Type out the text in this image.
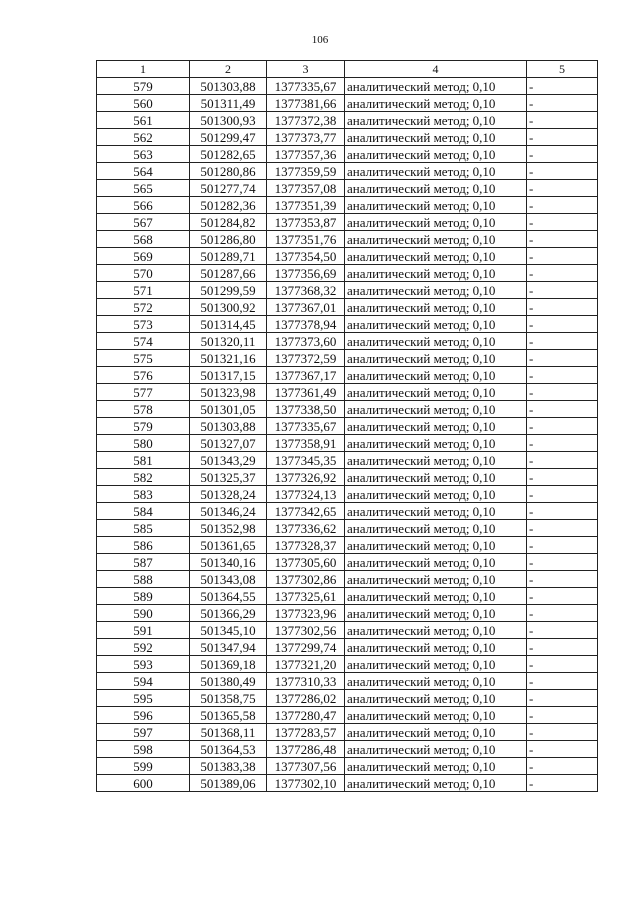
106
1	2	3	4	5
579	501303,88	1377335,67	аналитический метод; 0,10	-
560	501311,49	1377381,66	аналитический метод; 0,10	-
561	501300,93	1377372,38	аналитический метод; 0,10	-
562	501299,47	1377373,77	аналитический метод; 0,10	-
563	501282,65	1377357,36	аналитический метод; 0,10	-
564	501280,86	1377359,59	аналитический метод; 0,10	-
565	501277,74	1377357,08	аналитический метод; 0,10	-
566	501282,36	1377351,39	аналитический метод; 0,10	-
567	501284,82	1377353,87	аналитический метод; 0,10	-
568	501286,80	1377351,76	аналитический метод; 0,10	-
569	501289,71	1377354,50	аналитический метод; 0,10	-
570	501287,66	1377356,69	аналитический метод; 0,10	-
571	501299,59	1377368,32	аналитический метод; 0,10	-
572	501300,92	1377367,01	аналитический метод; 0,10	-
573	501314,45	1377378,94	аналитический метод; 0,10	-
574	501320,11	1377373,60	аналитический метод; 0,10	-
575	501321,16	1377372,59	аналитический метод; 0,10	-
576	501317,15	1377367,17	аналитический метод; 0,10	-
577	501323,98	1377361,49	аналитический метод; 0,10	-
578	501301,05	1377338,50	аналитический метод; 0,10	-
579	501303,88	1377335,67	аналитический метод; 0,10	-
580	501327,07	1377358,91	аналитический метод; 0,10	-
581	501343,29	1377345,35	аналитический метод; 0,10	-
582	501325,37	1377326,92	аналитический метод; 0,10	-
583	501328,24	1377324,13	аналитический метод; 0,10	-
584	501346,24	1377342,65	аналитический метод; 0,10	-
585	501352,98	1377336,62	аналитический метод; 0,10	-
586	501361,65	1377328,37	аналитический метод; 0,10	-
587	501340,16	1377305,60	аналитический метод; 0,10	-
588	501343,08	1377302,86	аналитический метод; 0,10	-
589	501364,55	1377325,61	аналитический метод; 0,10	-
590	501366,29	1377323,96	аналитический метод; 0,10	-
591	501345,10	1377302,56	аналитический метод; 0,10	-
592	501347,94	1377299,74	аналитический метод; 0,10	-
593	501369,18	1377321,20	аналитический метод; 0,10	-
594	501380,49	1377310,33	аналитический метод; 0,10	-
595	501358,75	1377286,02	аналитический метод; 0,10	-
596	501365,58	1377280,47	аналитический метод; 0,10	-
597	501368,11	1377283,57	аналитический метод; 0,10	-
598	501364,53	1377286,48	аналитический метод; 0,10	-
599	501383,38	1377307,56	аналитический метод; 0,10	-
600	501389,06	1377302,10	аналитический метод; 0,10	-
